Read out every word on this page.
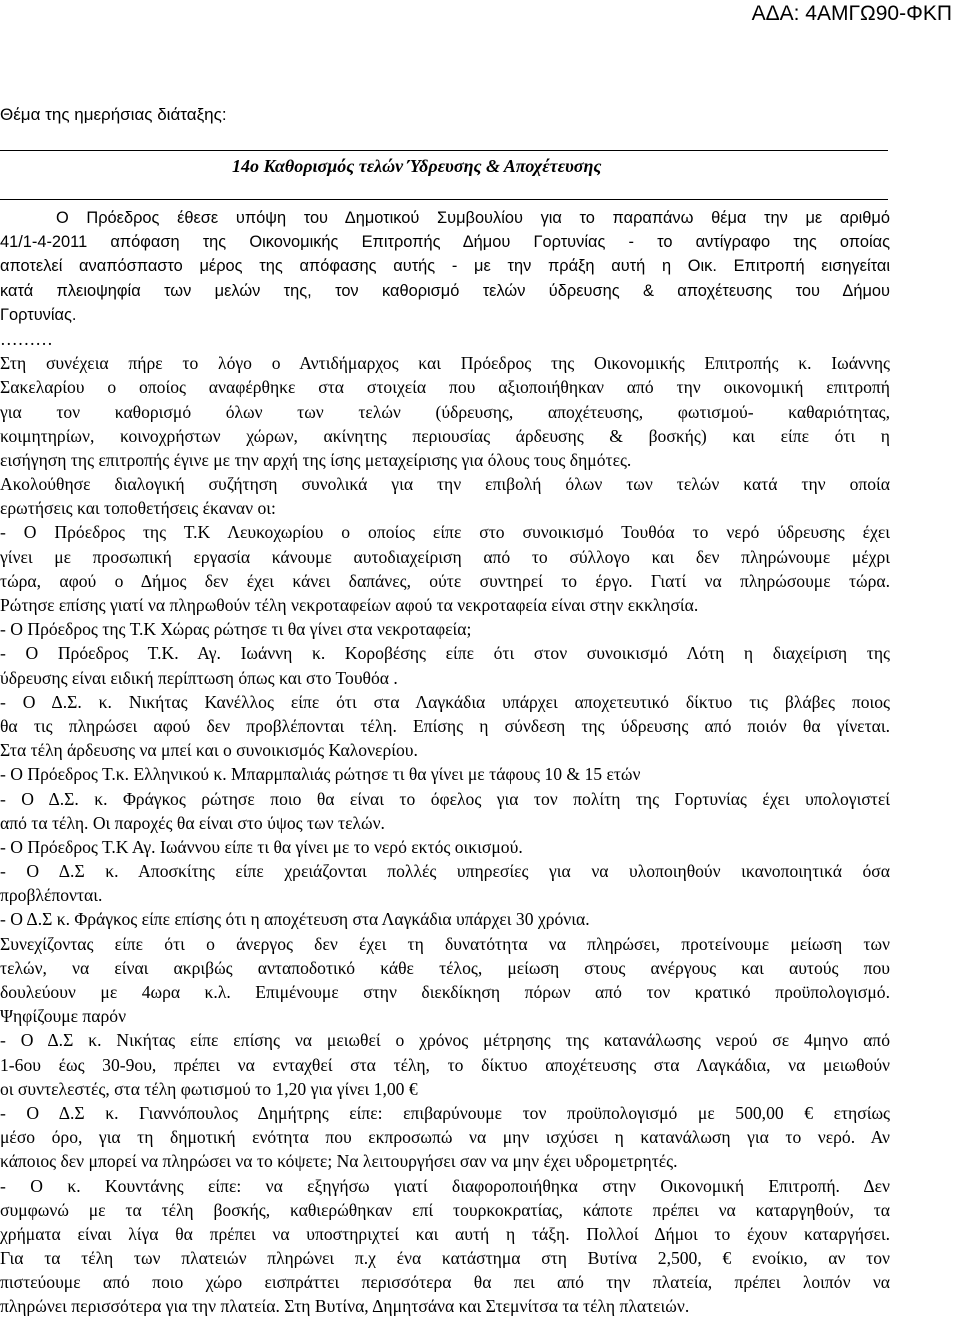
ΑΔΑ: 4ΑΜΓΩ90-ΦΚΠ
Θέμα της ημερήσιας διάταξης:
14ο Καθορισμός τελών Ύδρευσης & Αποχέτευσης
Ο Πρόεδρος έθεσε υπόψη του Δημοτικού Συμβουλίου για το παραπάνω θέμα την με αριθμό
41/1-4-2011 απόφαση της Οικονομικής Επιτροπής Δήμου Γορτυνίας - το αντίγραφο της οποίας
αποτελεί αναπόσπαστο μέρος της απόφασης αυτής - με την πράξη αυτή η Οικ. Επιτροπή εισηγείται
κατά πλειοψηφία των μελών της, τον καθορισμό τελών ύδρευσης & αποχέτευσης του Δήμου
Γορτυνίας.
………
Στη συνέχεια πήρε το λόγο ο Αντιδήμαρχος και Πρόεδρος της Οικονομικής Επιτροπής κ. Ιωάννης
Σακελαρίου ο οποίος αναφέρθηκε στα στοιχεία που αξιοποιήθηκαν από την οικονομική επιτροπή
για τον καθορισμό όλων των τελών (ύδρευσης, αποχέτευσης, φωτισμού- καθαριότητας,
κοιμητηρίων, κοινοχρήστων χώρων, ακίνητης περιουσίας άρδευσης & βοσκής) και είπε ότι η
εισήγηση της επιτροπής έγινε με την αρχή της ίσης μεταχείρισης για όλους τους δημότες.
Ακολούθησε διαλογική συζήτηση συνολικά για την επιβολή όλων των τελών κατά την οποία
ερωτήσεις και τοποθετήσεις έκαναν οι:
- Ο Πρόεδρος της Τ.Κ Λευκοχωρίου ο οποίος είπε στο συνοικισμό Τουθόα το νερό ύδρευσης έχει
γίνει με προσωπική εργασία κάνουμε αυτοδιαχείριση από το σύλλογο και δεν πληρώνουμε μέχρι
τώρα, αφού ο Δήμος δεν έχει κάνει δαπάνες, ούτε συντηρεί το έργο. Γιατί να πληρώσουμε τώρα.
Ρώτησε επίσης γιατί να πληρωθούν τέλη νεκροταφείων αφού τα νεκροταφεία είναι στην εκκλησία.
- Ο Πρόεδρος της Τ.Κ Χώρας ρώτησε τι θα γίνει στα νεκροταφεία;
- Ο Πρόεδρος Τ.Κ. Αγ. Ιωάννη κ. Κοροβέσης είπε ότι στον συνοικισμό Λότη η διαχείριση της
ύδρευσης είναι ειδική περίπτωση όπως και στο Τουθόα .
- Ο Δ.Σ. κ. Νικήτας Κανέλλος είπε ότι στα Λαγκάδια υπάρχει αποχετευτικό δίκτυο τις βλάβες ποιος
θα τις πληρώσει αφού δεν προβλέπονται τέλη. Επίσης η σύνδεση της ύδρευσης από ποιόν θα γίνεται.
Στα τέλη άρδευσης να μπεί και ο συνοικισμός Καλονερίου.
- Ο Πρόεδρος Τ.κ. Ελληνικού κ. Μπαρμπαλιάς ρώτησε τι θα γίνει με τάφους 10 & 15 ετών
- Ο Δ.Σ. κ. Φράγκος ρώτησε ποιο θα είναι το όφελος για τον πολίτη της Γορτυνίας έχει υπολογιστεί
από τα τέλη. Οι παροχές θα είναι στο ύψος των τελών.
- Ο Πρόεδρος Τ.Κ Αγ. Ιωάννου είπε τι θα γίνει με το νερό εκτός οικισμού.
- Ο Δ.Σ κ. Αποσκίτης είπε χρειάζονται πολλές υπηρεσίες για να υλοποιηθούν ικανοποιητικά όσα
προβλέπονται.
- Ο Δ.Σ κ. Φράγκος είπε επίσης ότι η αποχέτευση στα Λαγκάδια υπάρχει 30 χρόνια.
Συνεχίζοντας είπε ότι ο άνεργος δεν έχει τη δυνατότητα να πληρώσει, προτείνουμε μείωση των
τελών, να είναι ακριβώς ανταποδοτικό κάθε τέλος, μείωση στους ανέργους και αυτούς που
δουλεύουν με 4ωρα κ.λ. Επιμένουμε στην διεκδίκηση πόρων από τον κρατικό προϋπολογισμό.
Ψηφίζουμε παρόν
- Ο Δ.Σ κ. Νικήτας είπε επίσης να μειωθεί ο χρόνος μέτρησης της κατανάλωσης νερού σε 4μηνο από
1-6ου έως 30-9ου, πρέπει να ενταχθεί στα τέλη, το δίκτυο αποχέτευσης στα Λαγκάδια, να μειωθούν
οι συντελεστές, στα τέλη φωτισμού το 1,20 για γίνει 1,00 €
- Ο Δ.Σ κ. Γιαννόπουλος Δημήτρης είπε: επιβαρύνουμε τον προϋπολογισμό με 500,00 € ετησίως
μέσο όρο, για τη δημοτική ενότητα που εκπροσωπώ να μην ισχύσει η κατανάλωση για το νερό. Αν
κάποιος δεν μπορεί να πληρώσει να το κόψετε; Να λειτουργήσει σαν να μην έχει υδρομετρητές.
- Ο κ. Κουντάνης είπε: να εξηγήσω γιατί διαφοροποιήθηκα στην Οικονομική Επιτροπή. Δεν
συμφωνώ με τα τέλη βοσκής, καθιερώθηκαν επί τουρκοκρατίας, κάποτε πρέπει να καταργηθούν, τα
χρήματα είναι λίγα θα πρέπει να υποστηριχτεί και αυτή η τάξη. Πολλοί Δήμοι το έχουν καταργήσει.
Για τα τέλη των πλατειών πληρώνει π.χ ένα κατάστημα στη Βυτίνα 2,500, € ενοίκιο, αν τον
πιστεύουμε από ποιο χώρο εισπράττει περισσότερα θα πει από την πλατεία, πρέπει λοιπόν να
πληρώνει περισσότερα για την πλατεία. Στη Βυτίνα, Δημητσάνα και Στεμνίτσα τα τέλη πλατειών.
